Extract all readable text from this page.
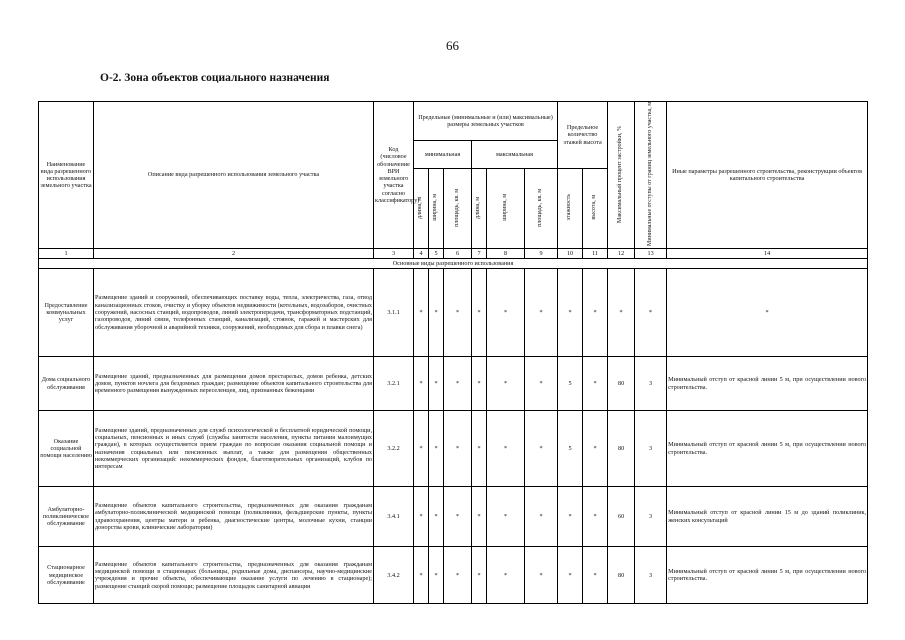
66
О-2. Зона объектов социального назначения
Наименование вида разрешенного использования земельного участка	Описание вида разрешенного использования земельного участка	Код (числовое обозначение ВРИ земельного участка согласно классификатору)	Предельные (минимальные и (или) максимальные) размеры земельных участков						Предельное количество этажей высота		Максимальный процент застройки, %	Минимальные отступы от границ земельного участка, м	Иные параметры разрешенного строительства, реконструкции объектов капитального строительства
			минимальная			максимальная							
			длина, м	ширина, м	площадь, кв. м	длина, м	ширина, м	площадь, кв. м	этажность	высота, м			
1	2	3	4	5	6	7	8	9	10	11	12	13	14
Основные виды разрешенного использования													
Предоставление коммунальных услуг	Размещение зданий и сооружений, обеспечивающих поставку воды, тепла, электричества, газа, отвод канализационных стоков, очистку и уборку объектов недвижимости (котельных, водозаборов, очистных сооружений, насосных станций, водопроводов, линий электропередачи, трансформаторных подстанций, газопроводов, линий связи, телефонных станций, канализаций, стоянок, гаражей и мастерских для обслуживания уборочной и аварийной техники, сооружений, необходимых для сбора и плавки снега)	3.1.1	*	*	*	*	*	*	*	*	*	*	*
Дома социального обслуживания	Размещение зданий, предназначенных для размещения домов престарелых, домов ребенка, детских домов, пунктов ночлега для бездомных граждан; размещение объектов капитального строительства для временного размещения вынужденных переселенцев, лиц, признанных беженцами	3.2.1	*	*	*	*	*	*	5	*	80	3	Минимальный отступ от красной линии 5 м, при осуществлении нового строительства.
Оказание социальной помощи населению	Размещение зданий, предназначенных для служб психологической и бесплатной юридической помощи, социальных, пенсионных и иных служб (службы занятости населения, пункты питания малоимущих граждан), в которых осуществляется прием граждан по вопросам оказания социальной помощи и назначения социальных или пенсионных выплат, а также для размещения общественных некоммерческих организаций: некоммерческих фондов, благотворительных организаций, клубов по интересам	3.2.2	*	*	*	*	*	*	5	*	80	3	Минимальный отступ от красной линии 5 м, при осуществлении нового строительства.
Амбулаторно-поликлиническое обслуживание	Размещение объектов капитального строительства, предназначенных для оказания гражданам амбулаторно-поликлинической медицинской помощи (поликлиники, фельдшерские пункты, пункты здравоохранения, центры матери и ребенка, диагностические центры, молочные кухни, станции донорства крови, клинические лаборатории)	3.4.1	*	*	*	*	*	*	*	*	60	3	Минимальный отступ от красной линии 15 м до зданий поликлиник, женских консультаций
Стационарное медицинское обслуживание	Размещение объектов капитального строительства, предназначенных для оказания гражданам медицинской помощи в стационарах (больницы, родильные дома, диспансеры, научно-медицинские учреждения и прочие объекты, обеспечивающие оказание услуги по лечению в стационаре); размещение станций скорой помощи; размещение площадок санитарной авиации	3.4.2	*	*	*	*	*	*	*	*	80	3	Минимальный отступ от красной линии 5 м, при осуществлении нового строительства.
